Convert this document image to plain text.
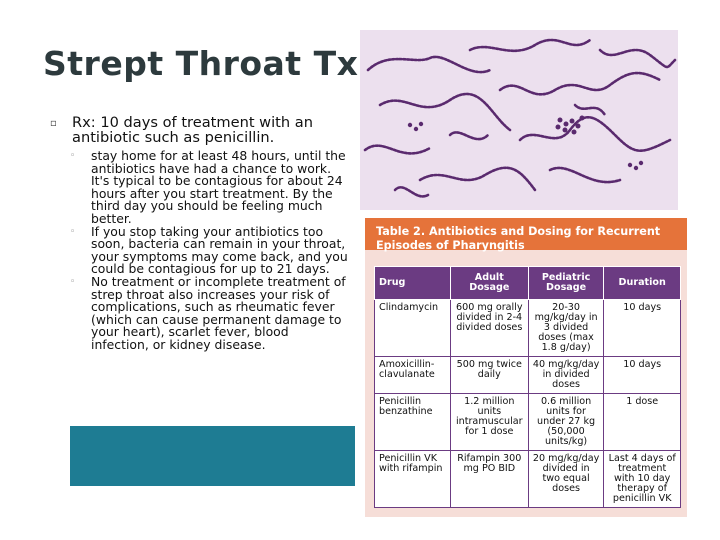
Strept Throat Tx
▫	Rx: 10 days of treatment with an antibiotic such as penicillin.
◦	stay home for at least 48 hours, until the antibiotics have had a chance to work. It's typical to be contagious for about 24 hours after you start treatment. By the third day you should be feeling much better.
◦	If you stop taking your antibiotics too soon, bacteria can remain in your throat, your symptoms may come back, and you could be contagious for up to 21 days.
◦	No treatment or incomplete treatment of strep throat also increases your risk of complications, such as rheumatic fever (which can cause permanent damage to your heart), scarlet fever, blood infection, or kidney disease.
Table 2. Antibiotics and Dosing for Recurrent Episodes of Pharyngitis
Drug	Adult Dosage	Pediatric Dosage	Duration
Clindamycin	600 mg orally divided in 2-4 divided doses	20-30 mg/kg/day in 3 divided doses (max 1.8 g/day)	10 days
Amoxicillin-clavulanate	500 mg twice daily	40 mg/kg/day in divided doses	10 days
Penicillin benzathine	1.2 million units intramuscular for 1 dose	0.6 million units for under 27 kg (50,000 units/kg)	1 dose
Penicillin VK with rifampin	Rifampin 300 mg PO BID	20 mg/kg/day divided in two equal doses	Last 4 days of treatment with 10 day therapy of penicillin VK
